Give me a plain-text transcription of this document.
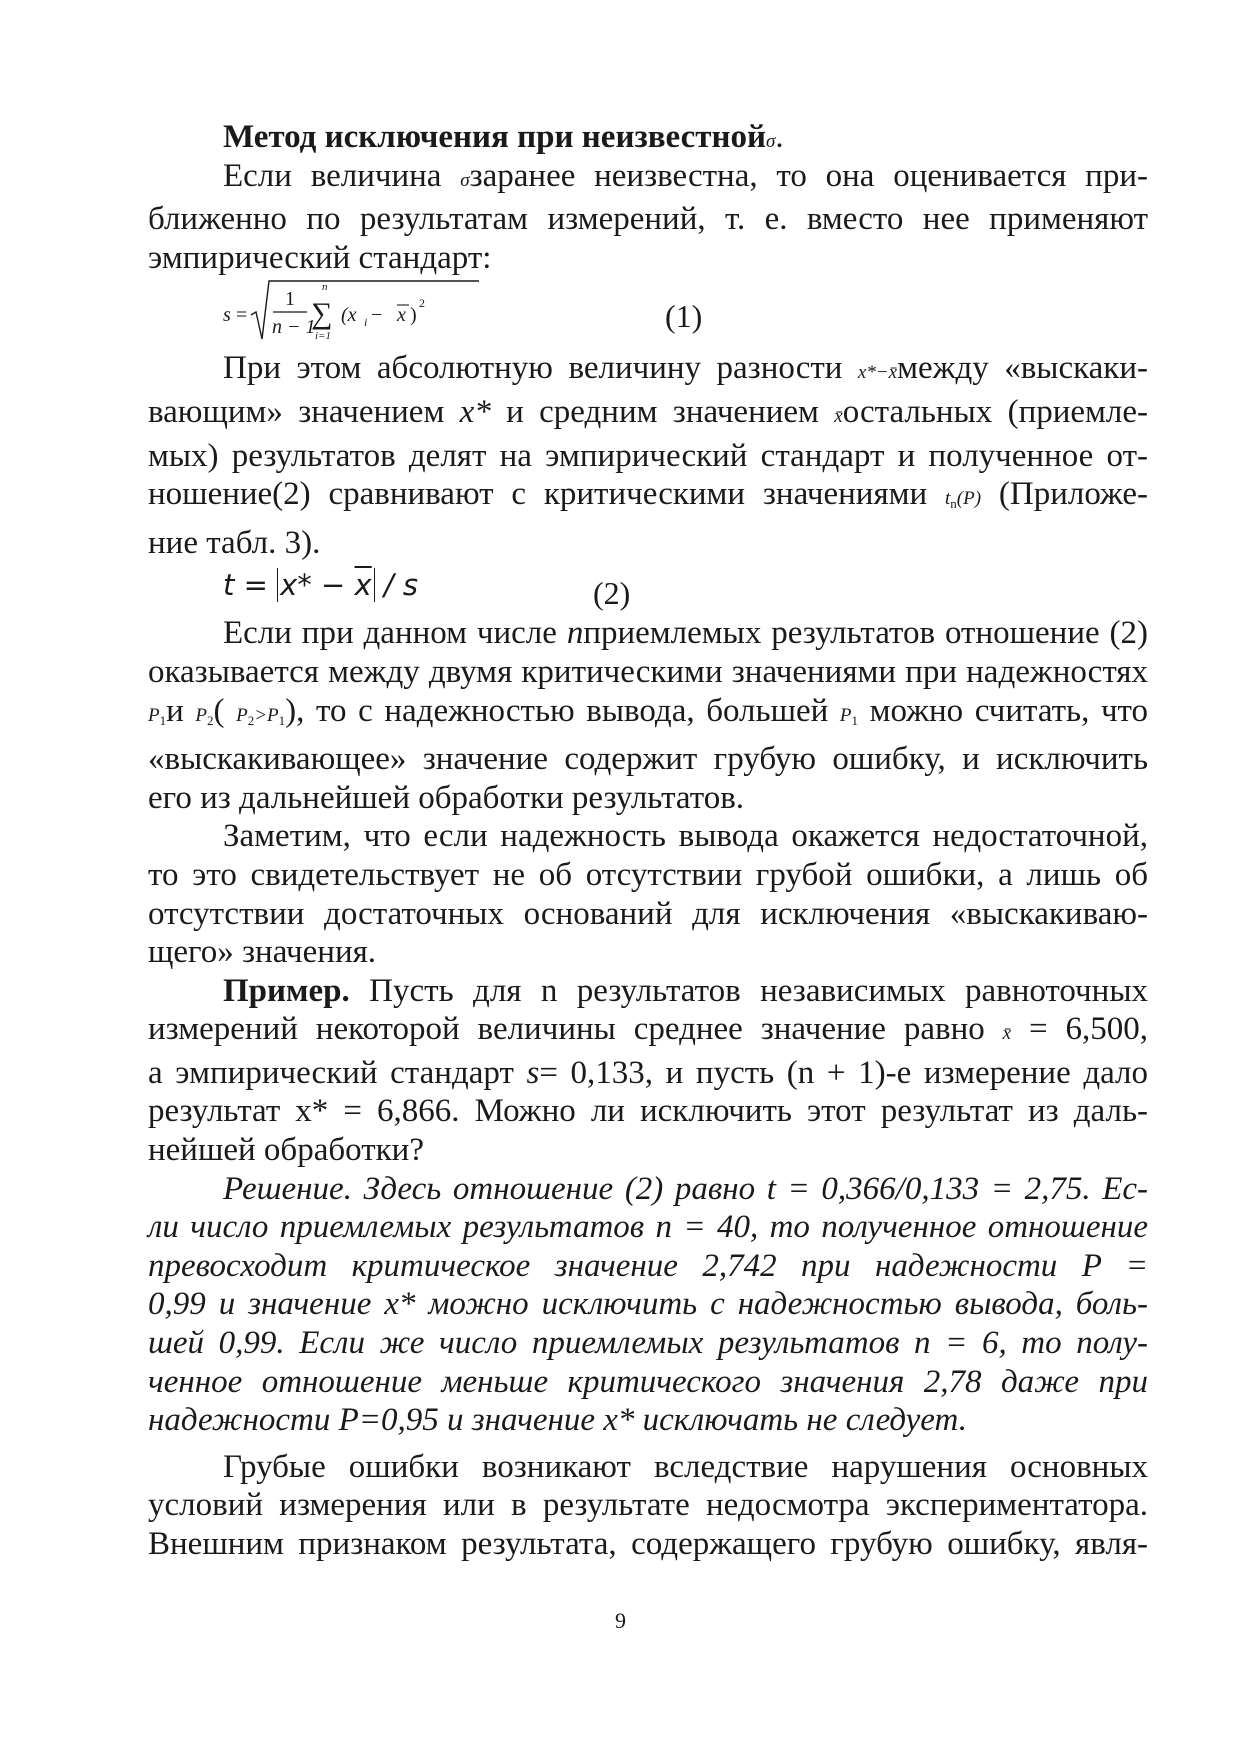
Метод исключения при неизвестнойσ.
Если величина σзаранее неизвестна, то она оценивается при-
ближенно по результатам измерений, т. е. вместо нее применяют
эмпирический стандарт:
s =
1
n − 1
n
∑
i=1
(x i − x )
2	(1)
При этом абсолютную величину разности x*−x̄между «выскаки-
вающим» значением x* и средним значением x̄остальных (приемле-
мых) результатов делят на эмпирический стандарт и полученное от-
ношение(2) сравнивают с критическими значениями $t_n(P)$ (Приложе-
ние табл. 3).
$t = x* - \overline{x} / s$	(2)
Если при данном числе nприемлемых результатов отношение (2)
оказывается между двумя критическими значениями при надежностях
$P_1и$ $P_2$( $P_2>P_1$), то с надежностью вывода, большей $P_1$ можно считать, что
«выскакивающее» значение содержит грубую ошибку, и исключить
его из дальнейшей обработки результатов.
Заметим, что если надежность вывода окажется недостаточной,
то это свидетельствует не об отсутствии грубой ошибки, а лишь об
отсутствии достаточных оснований для исключения «выскакиваю-
щего» значения.
Пример. Пусть для n результатов независимых равноточных
измерений некоторой величины среднее значение равно x̄ = 6,500,
а эмпирический стандарт s= 0,133, и пусть (n + 1)-е измерение дало
результат x* = 6,866. Можно ли исключить этот результат из даль-
нейшей обработки?
Решение. Здесь отношение (2) равно t = 0,366/0,133 = 2,75. Ес-
ли число приемлемых результатов n = 40, то полученное отношение
превосходит критическое значение 2,742 при надежности P =
0,99 и значение x* можно исключить с надежностью вывода, боль-
шей 0,99. Если же число приемлемых результатов n = 6, то полу-
ченное отношение меньше критического значения 2,78 даже при
надежности P=0,95 и значение x* исключать не следует.
Грубые ошибки возникают вследствие нарушения основных
условий измерения или в результате недосмотра экспериментатора.
Внешним признаком результата, содержащего грубую ошибку, явля-
9
